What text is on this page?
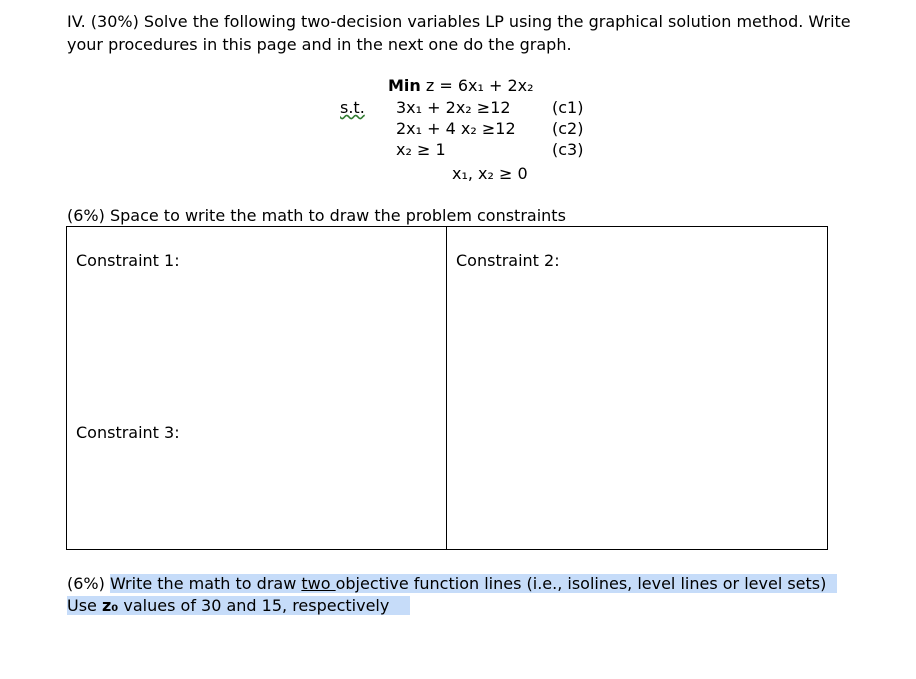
IV. (30%) Solve the following two-decision variables LP using the graphical solution method. Write
your procedures in this page and in the next one do the graph.
Min z = 6x₁ + 2x₂
s.t. 3x₁ + 2x₂ ≥12	(c1)
2x₁ + 4 x₂ ≥12 (c2)
x₂ ≥ 1	(c3)
x₁, x₂ ≥ 0
(6%) Space to write the math to draw the problem constraints
Constraint 1:	Constraint 2:
Constraint 3:
(6%) Write the math to draw two objective function lines (i.e., isolines, level lines or level sets)
Use z₀ values of 30 and 15, respectively
